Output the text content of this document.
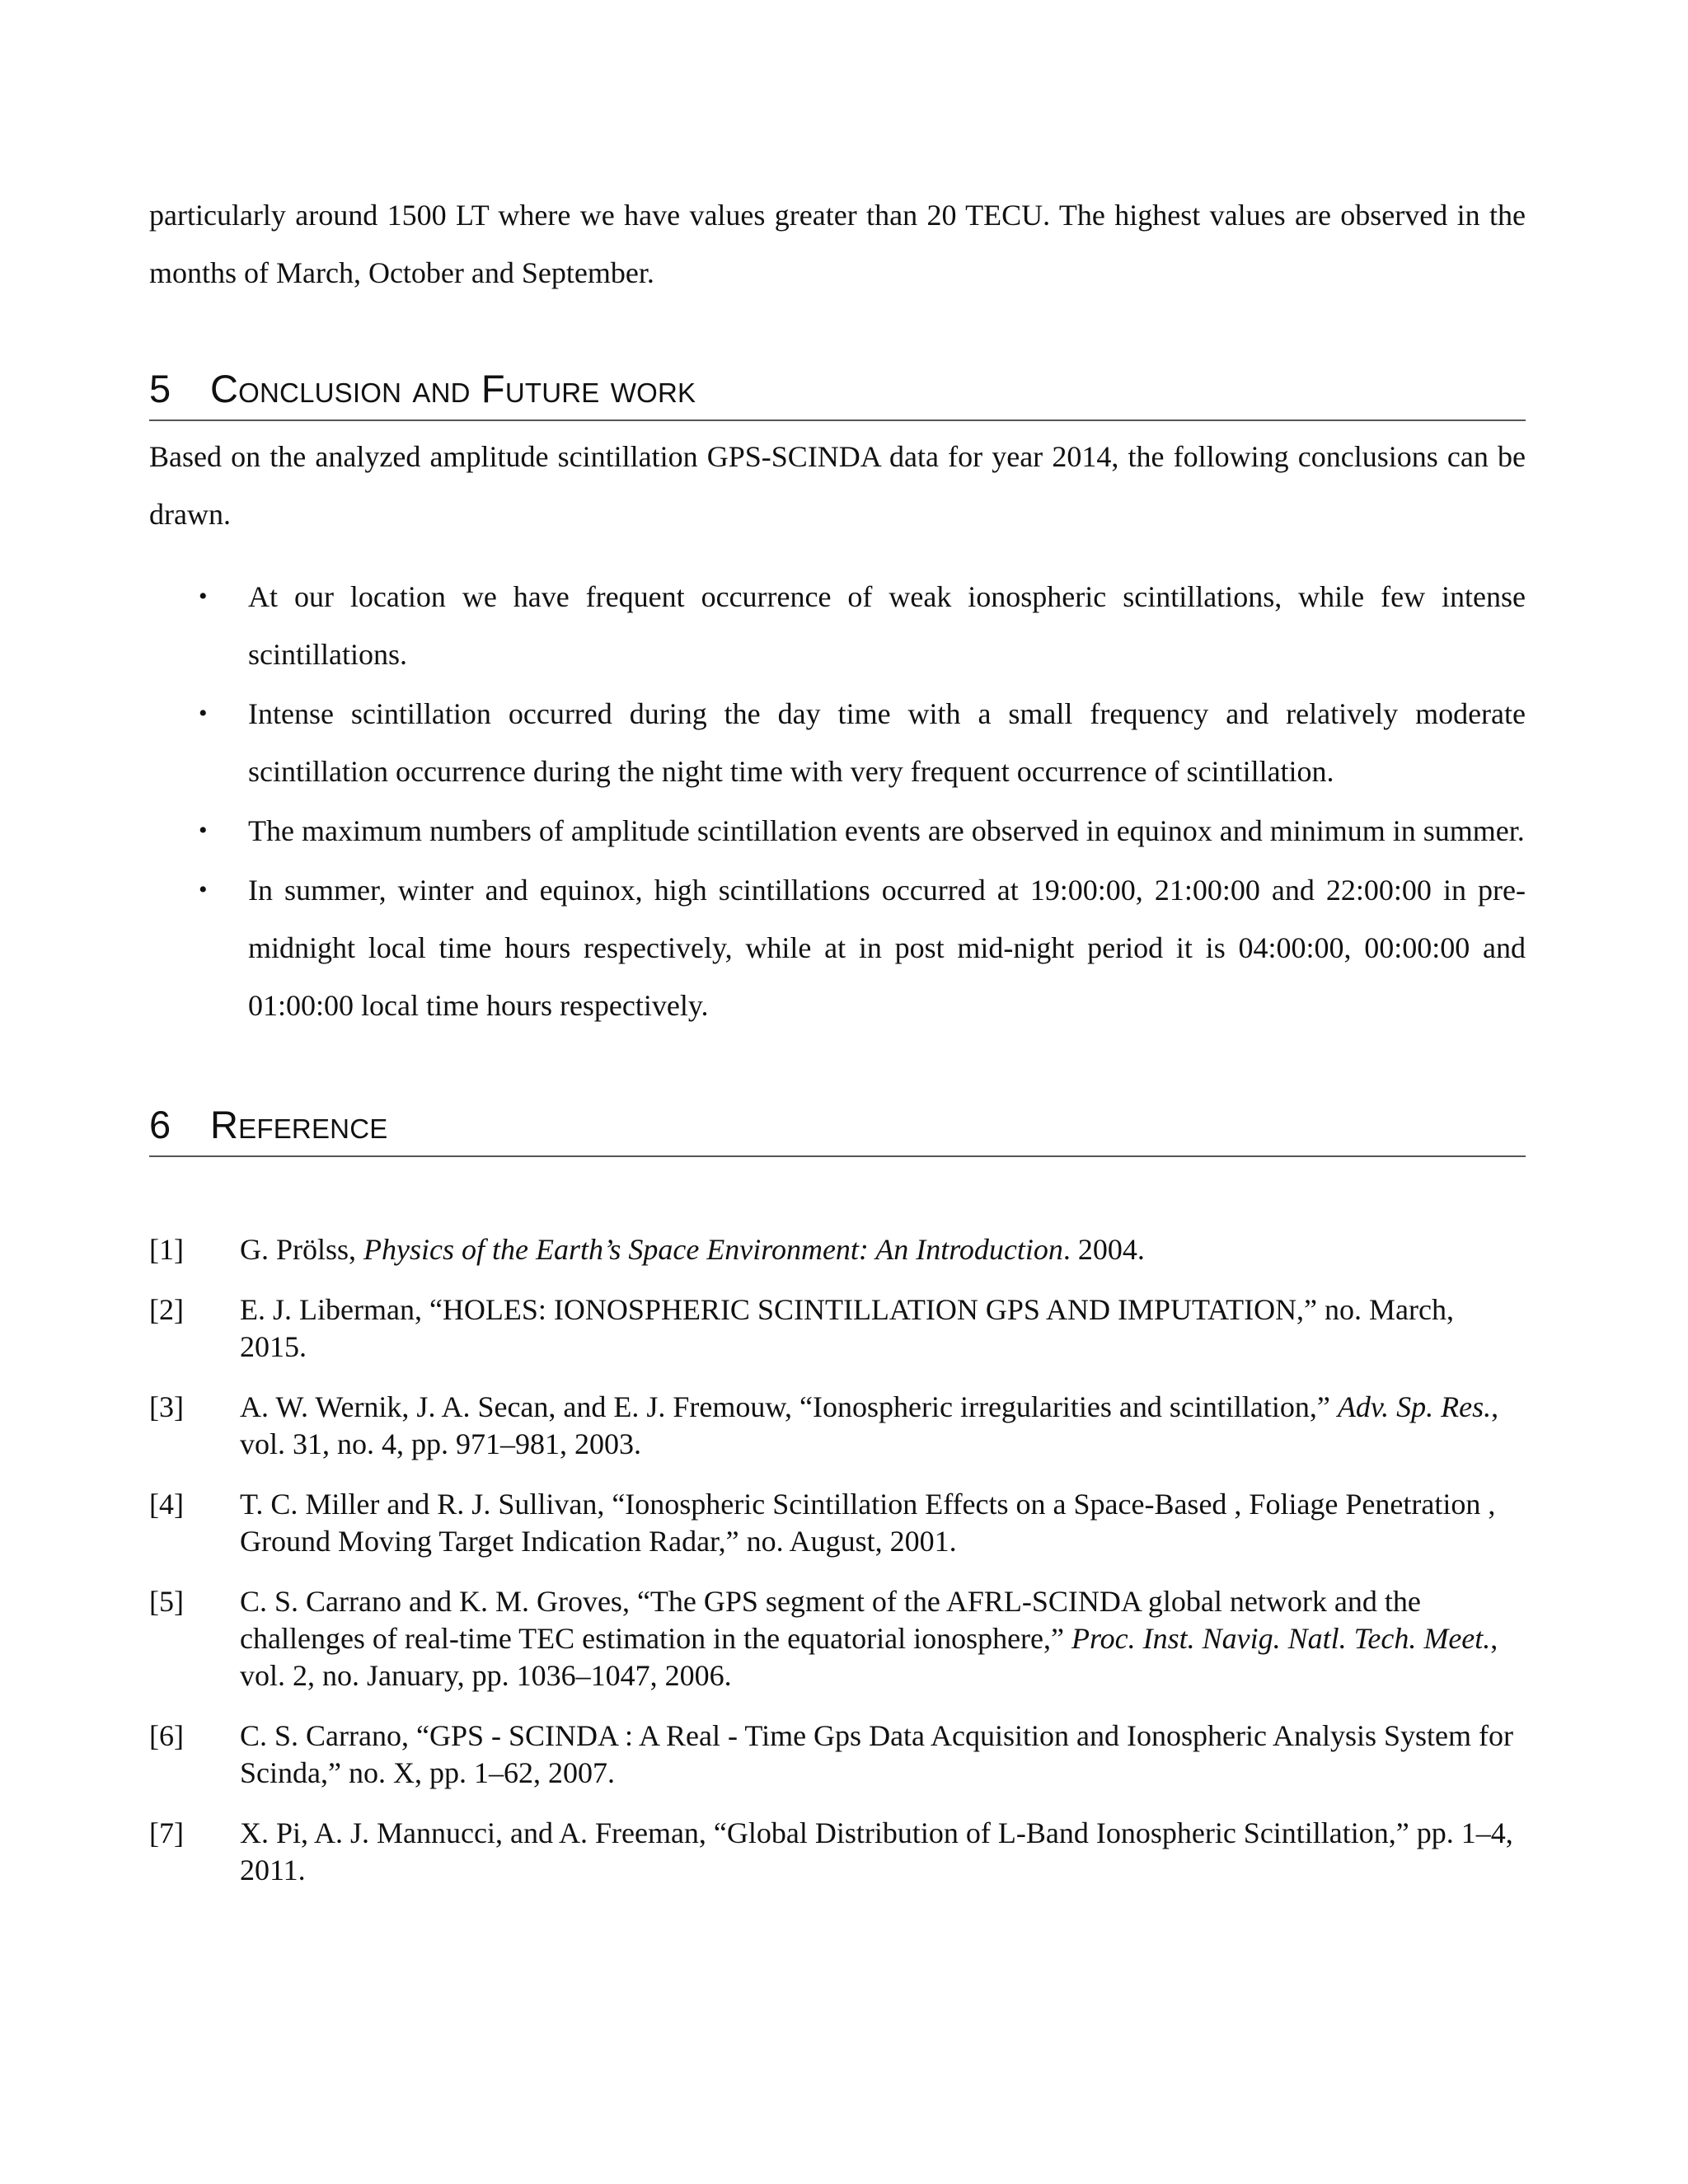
particularly around 1500 LT where we have values greater than 20 TECU. The highest values are observed in the months of March, October and September.

5	Conclusion and Future work

Based on the analyzed amplitude scintillation GPS-SCINDA data for year 2014, the following conclusions can be drawn.

• At our location we have frequent occurrence of weak ionospheric scintillations, while few intense scintillations.
• Intense scintillation occurred during the day time with a small frequency and relatively moderate scintillation occurrence during the night time with very frequent occurrence of scintillation.
• The maximum numbers of amplitude scintillation events are observed in equinox and minimum in summer.
• In summer, winter and equinox, high scintillations occurred at 19:00:00, 21:00:00 and 22:00:00 in pre-midnight local time hours respectively, while at in post mid-night period it is 04:00:00, 00:00:00 and 01:00:00 local time hours respectively.
6	Reference
[1]	G. Prölss, Physics of the Earth’s Space Environment: An Introduction. 2004.
[2]	E. J. Liberman, “HOLES: IONOSPHERIC SCINTILLATION GPS AND IMPUTATION,” no. March, 2015.
[3]	A. W. Wernik, J. A. Secan, and E. J. Fremouw, “Ionospheric irregularities and scintillation,” Adv. Sp. Res., vol. 31, no. 4, pp. 971–981, 2003.
[4]	T. C. Miller and R. J. Sullivan, “Ionospheric Scintillation Effects on a Space-Based , Foliage Penetration , Ground Moving Target Indication Radar,” no. August, 2001.
[5]	C. S. Carrano and K. M. Groves, “The GPS segment of the AFRL-SCINDA global network and the challenges of real-time TEC estimation in the equatorial ionosphere,” Proc. Inst. Navig. Natl. Tech. Meet., vol. 2, no. January, pp. 1036–1047, 2006.
[6]	C. S. Carrano, “GPS - SCINDA : A Real - Time Gps Data Acquisition and Ionospheric Analysis System for Scinda,” no. X, pp. 1–62, 2007.
[7]	X. Pi, A. J. Mannucci, and A. Freeman, “Global Distribution of L-Band Ionospheric Scintillation,” pp. 1–4, 2011.
